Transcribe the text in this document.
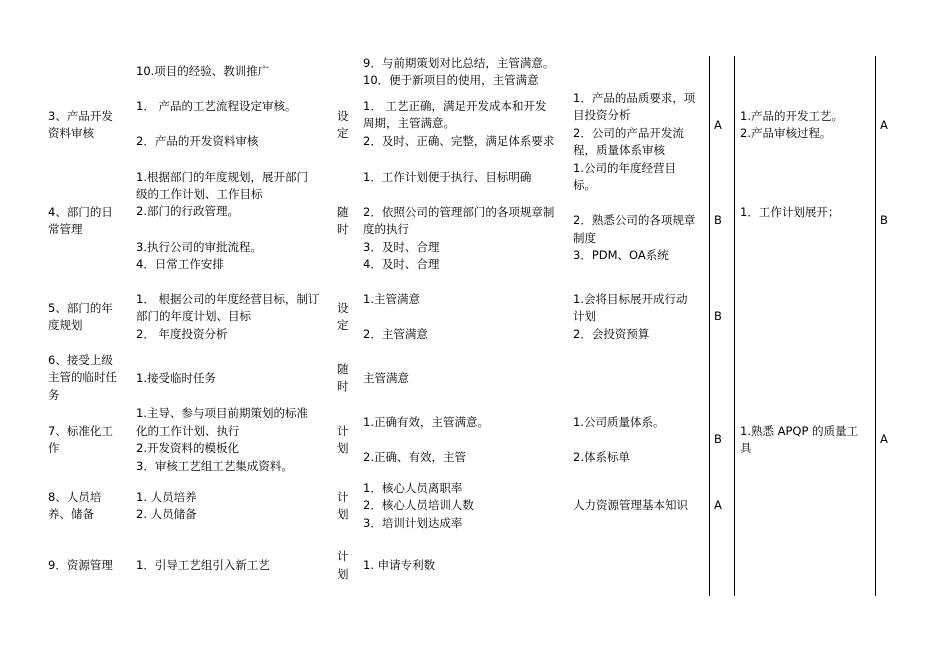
10.项目的经验、教训推广
9．与前期策划对比总结，主管满意。
10．便于新项目的使用，主管满意
3、产品开发
资料审核
1． 产品的工艺流程设定审核。
2．产品的开发资料审核
设
定
1． 工艺正确，满足开发成本和开发
周期，主管满意。
2．及时、正确、完整，满足体系要求
1．产品的品质要求，项
目投资分析
2．公司的产品开发流
程，质量体系审核
A
1.产品的开发工艺。
2.产品审核过程。
A
4、部门的日
常管理
1.根据部门的年度规划，展开部门
级的工作计划、工作目标
2.部门的行政管理。
3.执行公司的审批流程。
4．日常工作安排
随
时
1．工作计划便于执行、目标明确
2．依照公司的管理部门的各项规章制
度的执行
3．及时、合理
4．及时、合理
1.公司的年度经营目
标。
2．熟悉公司的各项规章
制度
3．PDM、OA系统
B
1．工作计划展开；
B
5、部门的年
度规划
1． 根据公司的年度经营目标，制订
部门的年度计划、目标
2． 年度投资分析
设
定
1.主管满意
2．主管满意
1.会将目标展开成行动
计划
2．会投资预算
B
6、接受上级
主管的临时任
务
1.接受临时任务
随
时
主管满意
7、标准化工
作
1.主导、参与项目前期策划的标准
化的工作计划、执行
2.开发资料的模板化
3．审核工艺组工艺集成资料。
计
划
1.正确有效，主管满意。
2.正确、有效，主管
1.公司质量体系。
2.体系标单
B
1.熟悉 APQP 的质量工
具
A
8、人员培
养、储备
1. 人员培养
2. 人员储备
计
划
1．核心人员离职率
2．核心人员培训人数
3．培训计划达成率
人力资源管理基本知识 A
9．资源管理 1．引导工艺组引入新工艺
计
划
1. 申请专利数
